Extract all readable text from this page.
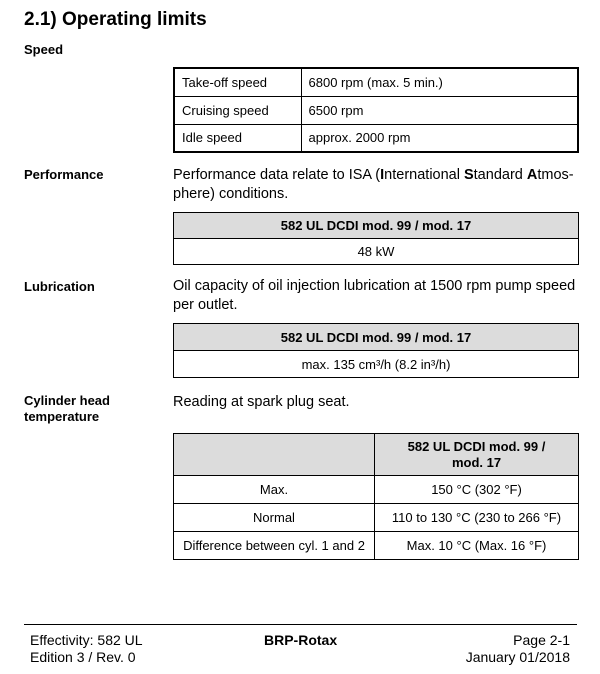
2.1) Operating limits
Speed
Take-off speed	6800 rpm (max. 5 min.)
Cruising speed	6500 rpm
Idle speed	approx. 2000 rpm
Performance	Performance data relate to ISA (International Standard Atmos-
phere) conditions.
582 UL DCDI mod. 99 / mod. 17
48 kW
Lubrication	Oil capacity of oil injection lubrication at 1500 rpm pump speed per outlet.
582 UL DCDI mod. 99 / mod. 17
max. 135 cm³/h (8.2 in³/h)
Cylinder head
temperature
Reading at spark plug seat.
	582 UL DCDI mod. 99 /
mod. 17
Max.	150 °C (302 °F)
Normal	110 to 130 °C (230 to 266 °F)
Difference between cyl. 1 and 2	Max. 10 °C (Max. 16 °F)
Effectivity: 582 UL
Edition 3 / Rev. 0
BRP-Rotax	Page 2-1
January 01/2018
